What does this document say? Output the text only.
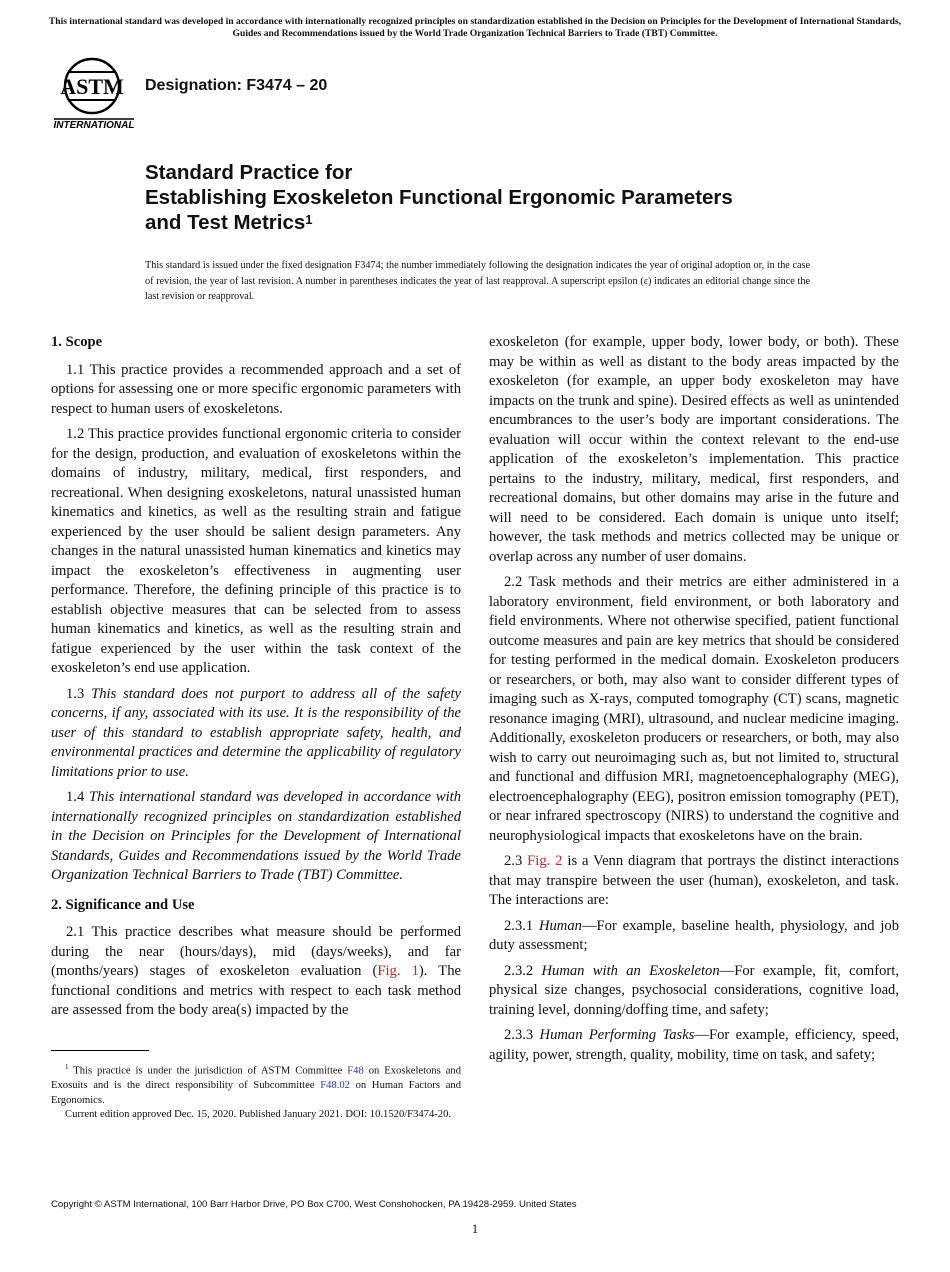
This international standard was developed in accordance with internationally recognized principles on standardization established in the Decision on Principles for the Development of International Standards, Guides and Recommendations issued by the World Trade Organization Technical Barriers to Trade (TBT) Committee.
ASTM
INTERNATIONAL
Designation: F3474 – 20
Standard Practice for
Establishing Exoskeleton Functional Ergonomic Parameters
and Test Metrics$^1$
This standard is issued under the fixed designation F3474; the number immediately following the designation indicates the year of original adoption or, in the case of revision, the year of last revision. A number in parentheses indicates the year of last reapproval. A superscript epsilon (ε) indicates an editorial change since the last revision or reapproval.
1. Scope

1.1 This practice provides a recommended approach and a set of options for assessing one or more specific ergonomic parameters with respect to human users of exoskeletons.

1.2 This practice provides functional ergonomic criteria to consider for the design, production, and evaluation of exoskeletons within the domains of industry, military, medical, first responders, and recreational. When designing exoskeletons, natural unassisted human kinematics and kinetics, as well as the resulting strain and fatigue experienced by the user should be salient design parameters. Any changes in the natural unassisted human kinematics and kinetics may impact the exoskeleton’s effectiveness in augmenting user performance. Therefore, the defining principle of this practice is to establish objective measures that can be selected from to assess human kinematics and kinetics, as well as the resulting strain and fatigue experienced by the user within the task context of the exoskeleton’s end use application.

1.3 This standard does not purport to address all of the safety concerns, if any, associated with its use. It is the responsibility of the user of this standard to establish appropriate safety, health, and environmental practices and determine the applicability of regulatory limitations prior to use.

1.4 This international standard was developed in accordance with internationally recognized principles on standardization established in the Decision on Principles for the Development of International Standards, Guides and Recommendations issued by the World Trade Organization Technical Barriers to Trade (TBT) Committee.

2. Significance and Use

2.1 This practice describes what measure should be performed during the near (hours/days), mid (days/weeks), and far (months/years) stages of exoskeleton evaluation (Fig. 1). The functional conditions and metrics with respect to each task method are assessed from the body area(s) impacted by the

exoskeleton (for example, upper body, lower body, or both). These may be within as well as distant to the body areas impacted by the exoskeleton (for example, an upper body exoskeleton may have impacts on the trunk and spine). Desired effects as well as unintended encumbrances to the user’s body are important considerations. The evaluation will occur within the context relevant to the end-use application of the exoskeleton’s implementation. This practice pertains to the industry, military, medical, first responders, and recreational domains, but other domains may arise in the future and will need to be considered. Each domain is unique unto itself; however, the task methods and metrics collected may be unique or overlap across any number of user domains.

2.2 Task methods and their metrics are either administered in a laboratory environment, field environment, or both laboratory and field environments. Where not otherwise specified, patient functional outcome measures and pain are key metrics that should be considered for testing performed in the medical domain. Exoskeleton producers or researchers, or both, may also want to consider different types of imaging such as X-rays, computed tomography (CT) scans, magnetic resonance imaging (MRI), ultrasound, and nuclear medicine imaging. Additionally, exoskeleton producers or researchers, or both, may also wish to carry out neuroimaging such as, but not limited to, structural and functional and diffusion MRI, magnetoencephalography (MEG), electroencephalography (EEG), positron emission tomography (PET), or near infrared spectroscopy (NIRS) to understand the cognitive and neurophysiological impacts that exoskeletons have on the brain.

2.3 Fig. 2 is a Venn diagram that portrays the distinct interactions that may transpire between the user (human), exoskeleton, and task. The interactions are:

2.3.1 Human—For example, baseline health, physiology, and job duty assessment;

2.3.2 Human with an Exoskeleton—For example, fit, comfort, physical size changes, psychosocial considerations, cognitive load, training level, donning/doffing time, and safety;

2.3.3 Human Performing Tasks—For example, efficiency, speed, agility, power, strength, quality, mobility, time on task, and safety;

$^1$ This practice is under the jurisdiction of ASTM Committee F48 on Exoskeletons and Exosuits and is the direct responsibility of Subcommittee F48.02 on Human Factors and Ergonomics.

Current edition approved Dec. 15, 2020. Published January 2021. DOI: 10.1520/F3474-20.

Copyright © ASTM International, 100 Barr Harbor Drive, PO Box C700, West Conshohocken, PA 19428-2959. United States
1
